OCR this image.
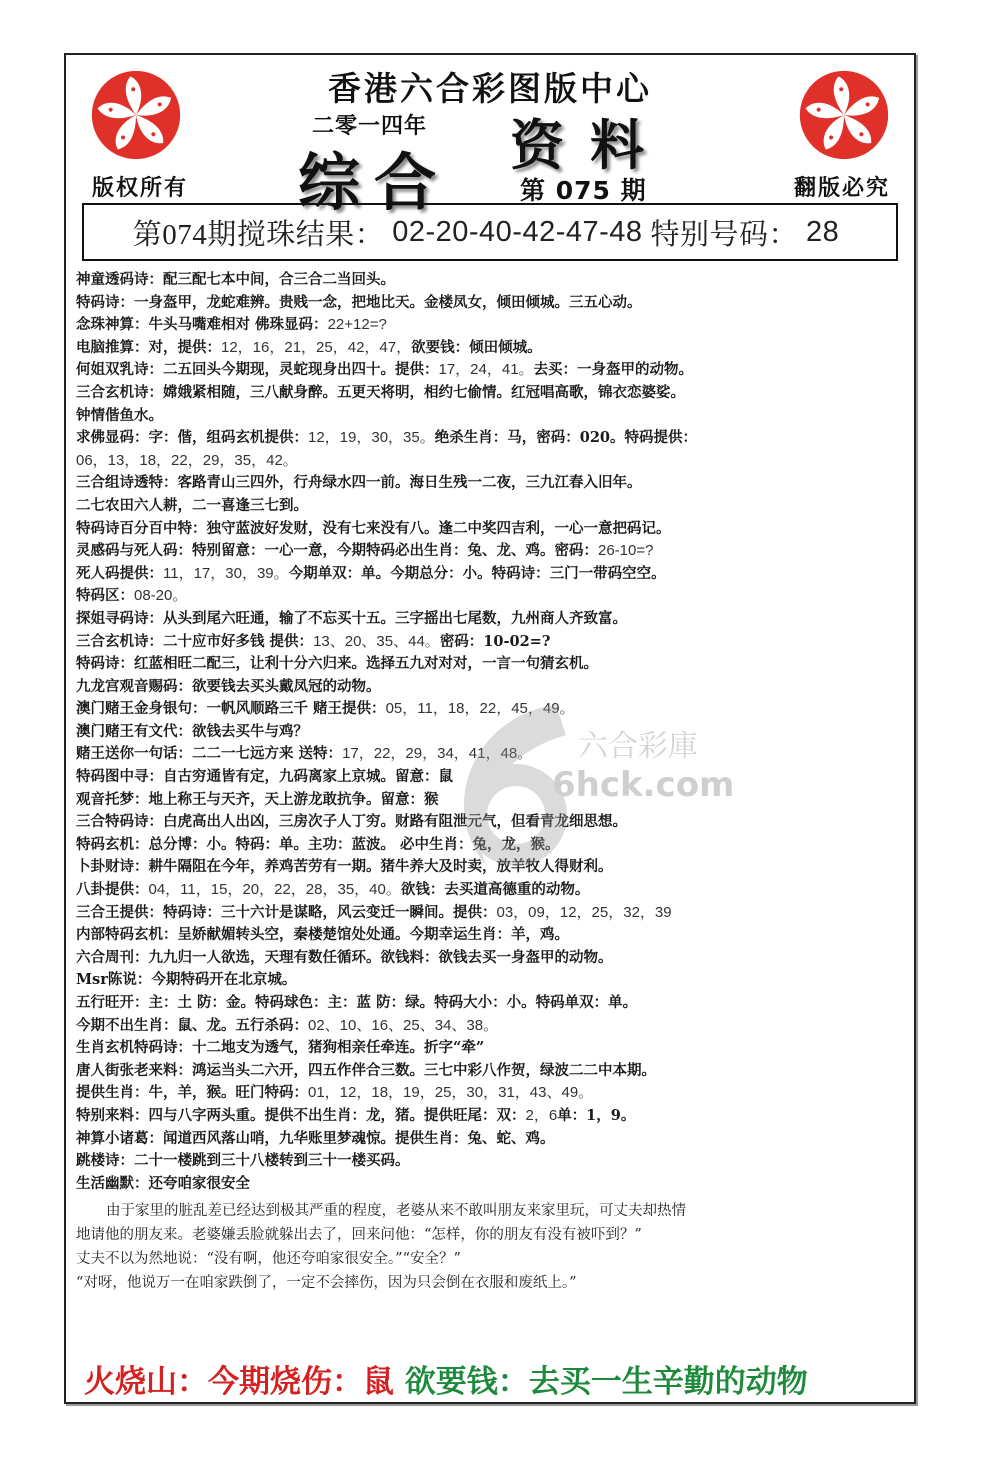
版权所有	翻版必究
香港六合彩图版中心
二零一四年 资料
综合	第 075 期
第074期搅珠结果： 02-20-40-42-47-48 特别号码： 28
神童透码诗：配三配七本中间，合三合二当回头。
特码诗：一身盔甲，龙蛇难辨。贵贱一念，把地比天。金楼凤女，倾田倾城。三五心动。
念珠神算：牛头马嘴难相对 佛珠显码：22+12=?
电脑推算：对，提供：12，16，21，25，42，47，欲要钱：倾田倾城。
何姐双乳诗：二五回头今期现，灵蛇现身出四十。提供：17，24，41。去买：一身盔甲的动物。
三合玄机诗：嫦娥紧相随，三八献身醉。五更天将明，相约七偷情。红冠唱高歌，锦衣恋婆娑。
钟情偕鱼水。
求佛显码：字：偕，组码玄机提供：12，19，30，35。绝杀生肖：马，密码：020。特码提供：
06，13，18，22，29，35，42。
三合组诗透特：客路青山三四外，行舟绿水四一前。海日生残一二夜，三九江春入旧年。
二七农田六人耕，二一喜逢三七到。
特码诗百分百中特：独守蓝波好发财，没有七来没有八。逢二中奖四吉利，一心一意把码记。
灵感码与死人码：特别留意：一心一意，今期特码必出生肖：兔、龙、鸡。密码：26-10=?
死人码提供：11，17，30，39。今期单双：单。今期总分：小。特码诗：三门一带码空空。
特码区：08-20。
探姐寻码诗：从头到尾六旺通，输了不忘买十五。三字摇出七尾数，九州商人齐致富。
三合玄机诗：二十应市好多钱 提供：13、20、35、44。密码：10-02=?
特码诗：红蓝相旺二配三，让利十分六归来。选择五九对对对，一言一句猜玄机。
九龙宫观音赐码：欲要钱去买头戴凤冠的动物。
澳门赌王金身银句：一帆风顺路三千 赌王提供：05，11，18，22，45，49。
澳门赌王有文代：欲钱去买牛与鸡？
赌王送你一句话：二二一七远方来 送特：17，22，29，34，41，48。
特码图中寻：自古穷通皆有定，九码离家上京城。留意：鼠
观音托梦：地上称王与天齐，天上游龙敢抗争。留意：猴
三合特码诗：白虎高出人出凶，三房次子人丁穷。财路有阻泄元气，但看青龙细思想。
特码玄机：总分博：小。特码：单。主功：蓝波。 必中生肖：兔，龙，猴。
卜卦财诗：耕牛隔阻在今年，养鸡苦劳有一期。猪牛养大及时卖，放羊牧人得财利。
八卦提供：04，11，15，20，22，28，35，40。欲钱：去买道高德重的动物。
三合王提供：特码诗：三十六计是谋略，风云变迁一瞬间。提供：03，09，12，25，32，39
内部特码玄机：呈娇献媚转头空，秦楼楚馆处处通。今期幸运生肖：羊，鸡。
六合周刊：九九归一人欲选，天理有数任循环。欲钱料：欲钱去买一身盔甲的动物。
Msr陈说：今期特码开在北京城。
五行旺开：主：土 防：金。特码球色：主：蓝 防：绿。特码大小：小。特码单双：单。
今期不出生肖：鼠、龙。五行杀码：02、10、16、25、34、38。
生肖玄机特码诗：十二地支为透气，猪狗相亲任牵连。折字“牵”
唐人街张老来料：鸿运当头二六开，四五作伴合三数。三七中彩八作贺，绿波二二中本期。
提供生肖：牛，羊，猴。旺门特码：01，12，18，19，25，30，31，43、49。
特别来料：四与八字两头重。提供不出生肖：龙，猪。提供旺尾：双：2，6单：1，9。
神算小诸葛：闻道西风落山哨，九华账里梦魂惊。提供生肖：兔、蛇、鸡。
跳楼诗：二十一楼跳到三十八楼转到三十一楼买码。
生活幽默：还夸咱家很安全
由于家里的脏乱差已经达到极其严重的程度，老婆从来不敢叫朋友来家里玩，可丈夫却热情
地请他的朋友来。老婆嫌丢脸就躲出去了，回来问他：“怎样，你的朋友有没有被吓到？”
丈夫不以为然地说：“没有啊，他还夸咱家很安全。”“安全？”
“对呀，他说万一在咱家跌倒了，一定不会摔伤，因为只会倒在衣服和废纸上。”
火烧山：今期烧伤：鼠 欲要钱：去买一生辛勤的动物
六合彩庫
6hck.com
